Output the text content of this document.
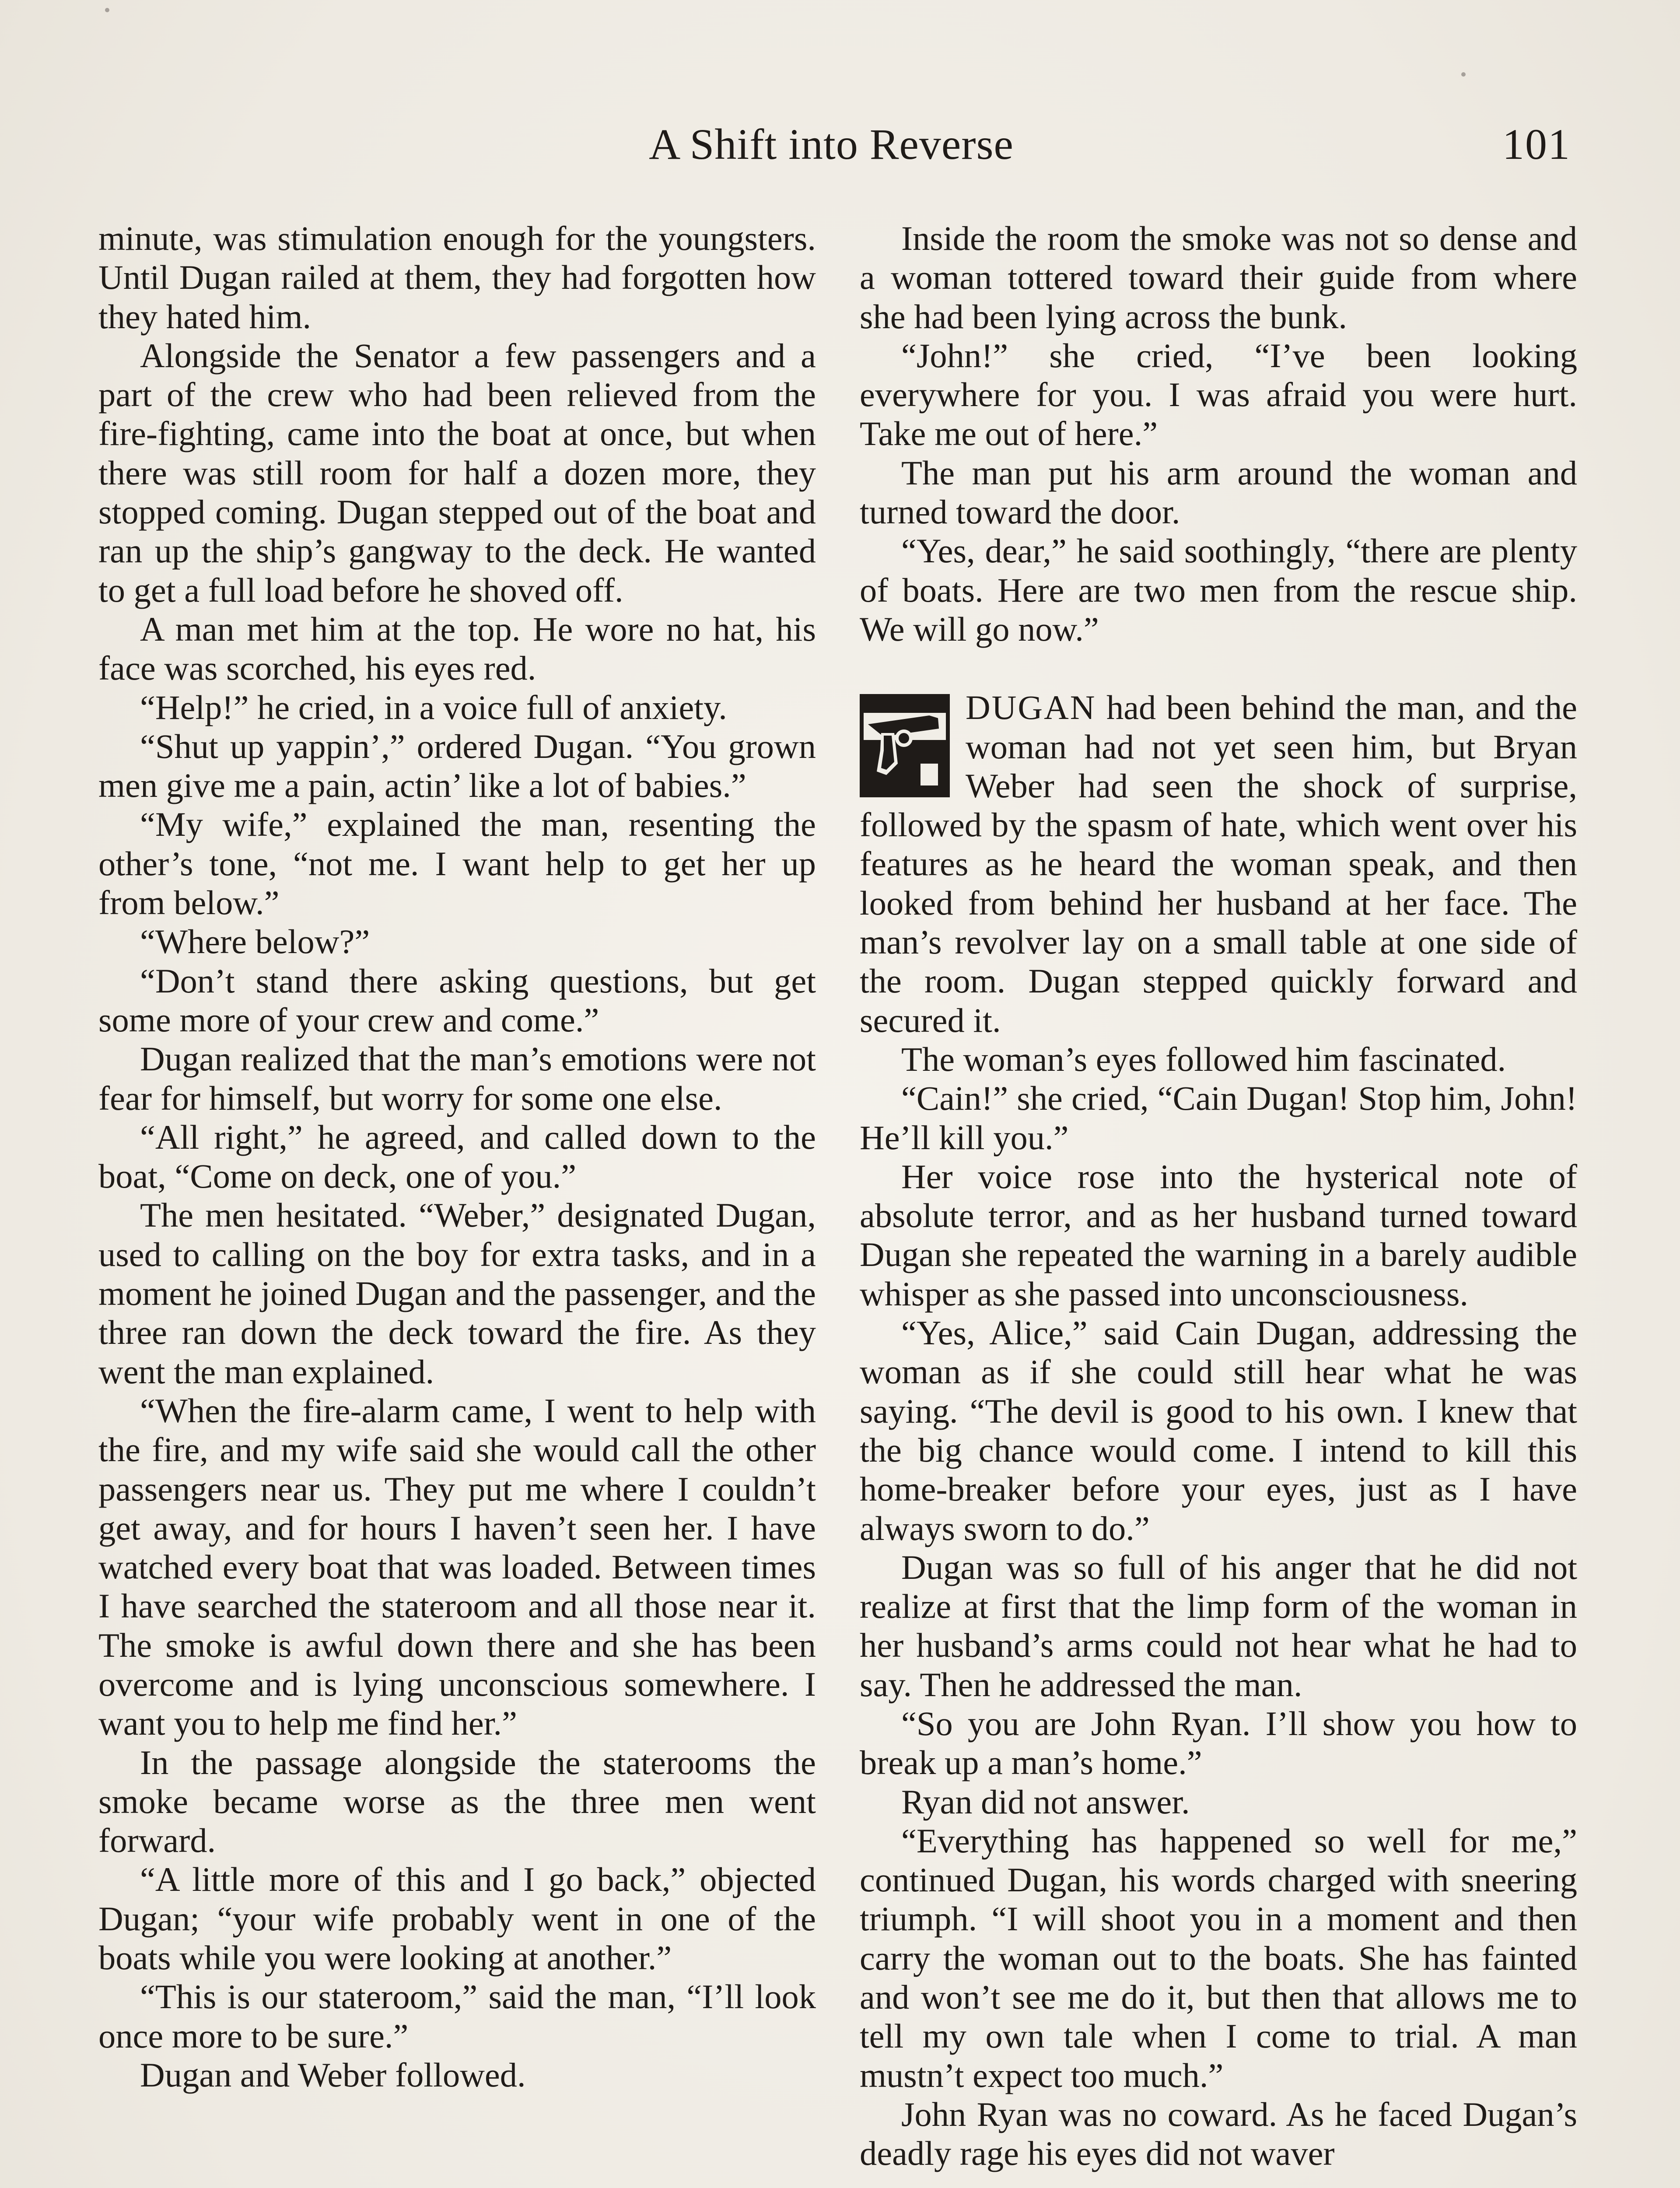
A Shift into Reverse	101

minute, was stimulation enough for the youngsters. Until Dugan railed at them, they had forgotten how they hated him.

Alongside the Senator a few passengers and a part of the crew who had been relieved from the fire-fighting, came into the boat at once, but when there was still room for half a dozen more, they stopped coming. Dugan stepped out of the boat and ran up the ship’s gangway to the deck. He wanted to get a full load before he shoved off.

A man met him at the top. He wore no hat, his face was scorched, his eyes red.

“Help!” he cried, in a voice full of anxiety.

“Shut up yappin’,” ordered Dugan. “You grown men give me a pain, actin’ like a lot of babies.”

“My wife,” explained the man, resenting the other’s tone, “not me. I want help to get her up from below.”

“Where below?”

“Don’t stand there asking questions, but get some more of your crew and come.”

Dugan realized that the man’s emotions were not fear for himself, but worry for some one else.

“All right,” he agreed, and called down to the boat, “Come on deck, one of you.”

The men hesitated. “Weber,” designated Dugan, used to calling on the boy for extra tasks, and in a moment he joined Dugan and the passenger, and the three ran down the deck toward the fire. As they went the man explained.

“When the fire-alarm came, I went to help with the fire, and my wife said she would call the other passengers near us. They put me where I couldn’t get away, and for hours I haven’t seen her. I have watched every boat that was loaded. Between times I have searched the stateroom and all those near it. The smoke is awful down there and she has been overcome and is lying unconscious somewhere. I want you to help me find her.”

In the passage alongside the staterooms the smoke became worse as the three men went forward.

“A little more of this and I go back,” objected Dugan; “your wife probably went in one of the boats while you were looking at another.”

“This is our stateroom,” said the man, “I’ll look once more to be sure.”

Dugan and Weber followed.

Inside the room the smoke was not so dense and a woman tottered toward their guide from where she had been lying across the bunk.

“John!” she cried, “I’ve been looking everywhere for you. I was afraid you were hurt. Take me out of here.”

The man put his arm around the woman and turned toward the door.

“Yes, dear,” he said soothingly, “there are plenty of boats. Here are two men from the rescue ship. We will go now.”

DUGAN had been behind the man, and the woman had not yet seen him, but Bryan Weber had seen the shock of surprise, followed by the spasm of hate, which went over his features as he heard the woman speak, and then looked from behind her husband at her face. The man’s revolver lay on a small table at one side of the room. Dugan stepped quickly forward and secured it.

The woman’s eyes followed him fascinated.

“Cain!” she cried, “Cain Dugan! Stop him, John! He’ll kill you.”

Her voice rose into the hysterical note of absolute terror, and as her husband turned toward Dugan she repeated the warning in a barely audible whisper as she passed into unconsciousness.

“Yes, Alice,” said Cain Dugan, addressing the woman as if she could still hear what he was saying. “The devil is good to his own. I knew that the big chance would come. I intend to kill this home-breaker before your eyes, just as I have always sworn to do.”

Dugan was so full of his anger that he did not realize at first that the limp form of the woman in her husband’s arms could not hear what he had to say. Then he addressed the man.

“So you are John Ryan. I’ll show you how to break up a man’s home.”

Ryan did not answer.

“Everything has happened so well for me,” continued Dugan, his words charged with sneering triumph. “I will shoot you in a moment and then carry the woman out to the boats. She has fainted and won’t see me do it, but then that allows me to tell my own tale when I come to trial. A man mustn’t expect too much.”

John Ryan was no coward. As he faced Dugan’s deadly rage his eyes did not waver
